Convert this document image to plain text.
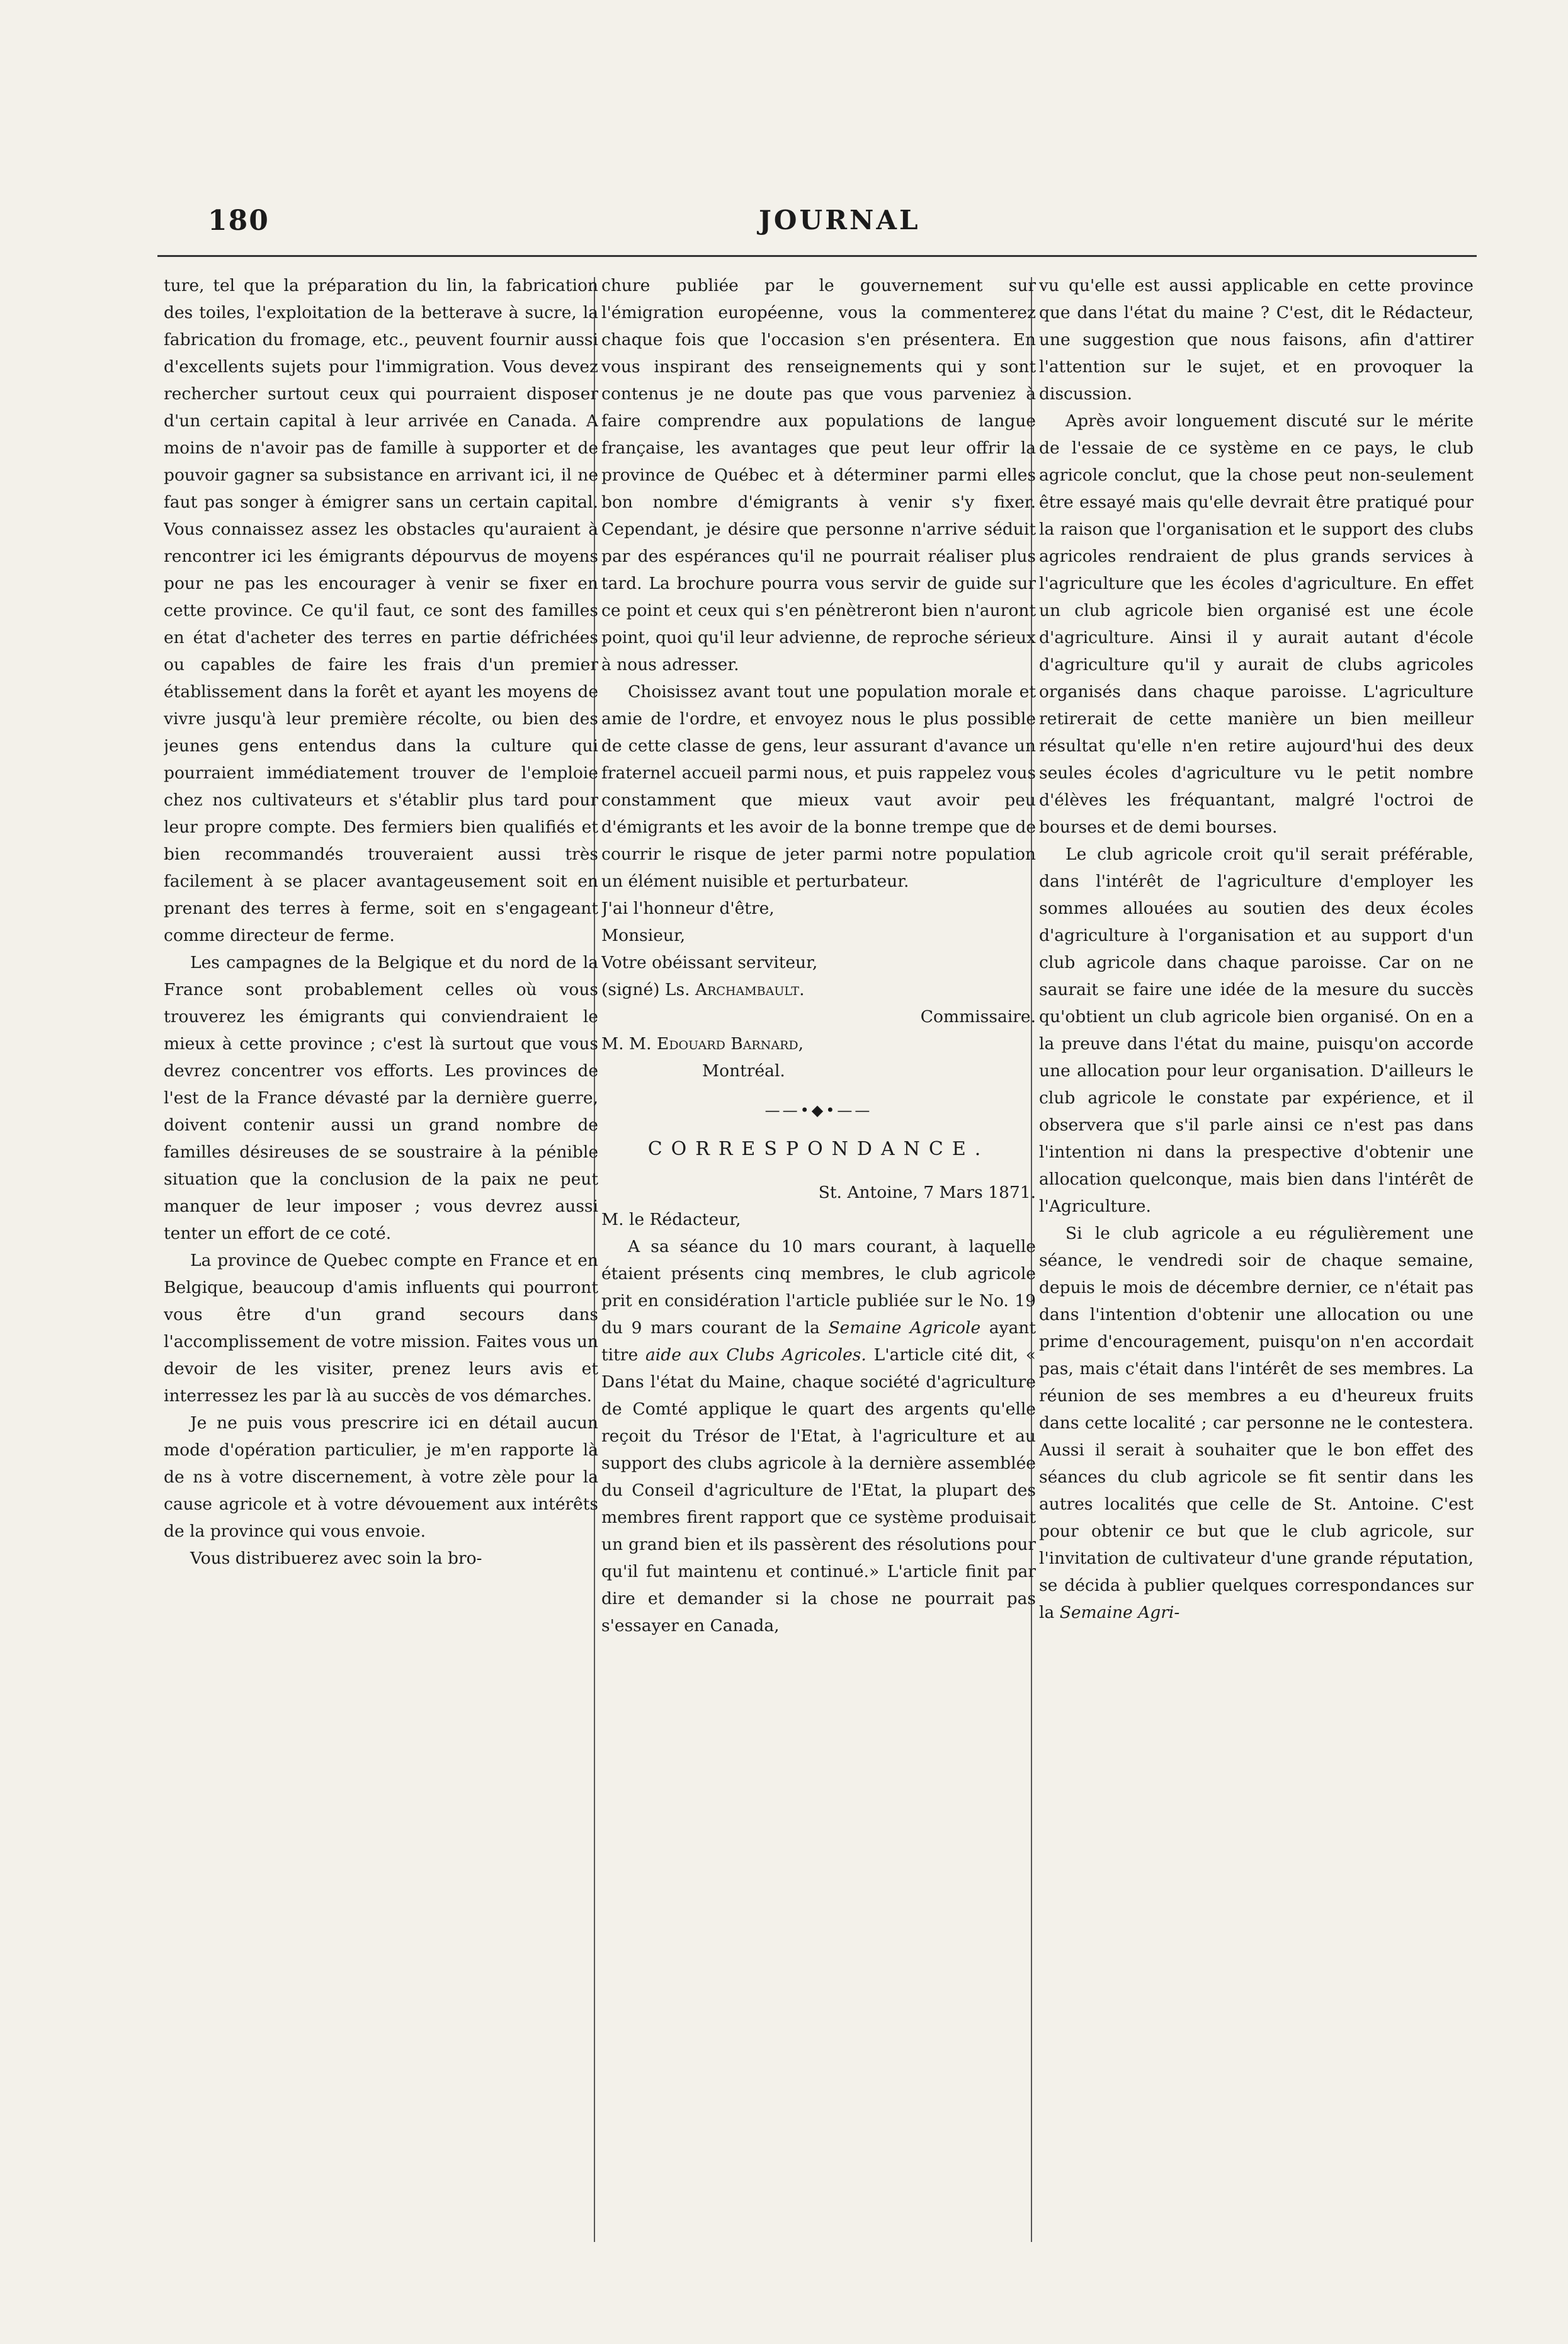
180	JOURNAL

ture, tel que la préparation du lin, la fabrication des toiles, l'exploitation de la betterave à sucre, la fabrication du fromage, etc., peuvent fournir aussi d'excellents sujets pour l'immigration. Vous devez rechercher surtout ceux qui pourraient disposer d'un certain capital à leur arrivée en Canada. A moins de n'avoir pas de famille à supporter et de pouvoir gagner sa subsistance en arrivant ici, il ne faut pas songer à émigrer sans un certain capital. Vous connaissez assez les obstacles qu'auraient à rencontrer ici les émigrants dépourvus de moyens pour ne pas les encourager à venir se fixer en cette province. Ce qu'il faut, ce sont des familles en état d'acheter des terres en partie défrichées ou capables de faire les frais d'un premier établissement dans la forêt et ayant les moyens de vivre jusqu'à leur première récolte, ou bien des jeunes gens entendus dans la culture qui pourraient immédiatement trouver de l'emploie chez nos cultivateurs et s'établir plus tard pour leur propre compte. Des fermiers bien qualifiés et bien recommandés trouveraient aussi très facilement à se placer avantageusement soit en prenant des terres à ferme, soit en s'engageant comme directeur de ferme.

Les campagnes de la Belgique et du nord de la France sont probablement celles où vous trouverez les émigrants qui conviendraient le mieux à cette province ; c'est là surtout que vous devrez concentrer vos efforts. Les provinces de l'est de la France dévasté par la dernière guerre, doivent contenir aussi un grand nombre de familles désireuses de se soustraire à la pénible situation que la conclusion de la paix ne peut manquer de leur imposer ; vous devrez aussi tenter un effort de ce coté.

La province de Quebec compte en France et en Belgique, beaucoup d'amis influents qui pourront vous être d'un grand secours dans l'accomplissement de votre mission. Faites vous un devoir de les visiter, prenez leurs avis et interressez les par là au succès de vos démarches.

Je ne puis vous prescrire ici en détail aucun mode d'opération particulier, je m'en rapporte là de ns à votre discernement, à votre zèle pour la cause agricole et à votre dévouement aux intérêts de la province qui vous envoie.

Vous distribuerez avec soin la bro-

chure publiée par le gouvernement sur l'émigration européenne, vous la commenterez chaque fois que l'occasion s'en présentera. En vous inspirant des renseignements qui y sont contenus je ne doute pas que vous parveniez à faire comprendre aux populations de langue française, les avantages que peut leur offrir la province de Québec et à déterminer parmi elles bon nombre d'émigrants à venir s'y fixer. Cependant, je désire que personne n'arrive séduit par des espérances qu'il ne pourrait réaliser plus tard. La brochure pourra vous servir de guide sur ce point et ceux qui s'en pénètreront bien n'auront point, quoi qu'il leur advienne, de reproche sérieux à nous adresser.

Choisissez avant tout une population morale et amie de l'ordre, et envoyez nous le plus possible de cette classe de gens, leur assurant d'avance un fraternel accueil parmi nous, et puis rappelez vous constamment que mieux vaut avoir peu d'émigrants et les avoir de la bonne trempe que de courrir le risque de jeter parmi notre population un élément nuisible et perturbateur.

J'ai l'honneur d'être,

Monsieur,

Votre obéissant serviteur,

(signé) Ls. Archambault.

Commissaire.

M. M. Edouard Barnard,

Montréal.

——•◆•——
CORRESPONDANCE.

St. Antoine, 7 Mars 1871.

M. le Rédacteur,

A sa séance du 10 mars courant, à laquelle étaient présents cinq membres, le club agricole prit en considération l'article publiée sur le No. 19 du 9 mars courant de la Semaine Agricole ayant titre aide aux Clubs Agricoles. L'article cité dit, « Dans l'état du Maine, chaque société d'agriculture de Comté applique le quart des argents qu'elle reçoit du Trésor de l'Etat, à l'agriculture et au support des clubs agricole à la dernière assemblée du Conseil d'agriculture de l'Etat, la plupart des membres firent rapport que ce système produisait un grand bien et ils passèrent des résolutions pour qu'il fut maintenu et continué.» L'article finit par dire et demander si la chose ne pourrait pas s'essayer en Canada,

vu qu'elle est aussi applicable en cette province que dans l'état du maine ? C'est, dit le Rédacteur, une suggestion que nous faisons, afin d'attirer l'attention sur le sujet, et en provoquer la discussion.

Après avoir longuement discuté sur le mérite de l'essaie de ce système en ce pays, le club agricole conclut, que la chose peut non-seulement être essayé mais qu'elle devrait être pratiqué pour la raison que l'organisation et le support des clubs agricoles rendraient de plus grands services à l'agriculture que les écoles d'agriculture. En effet un club agricole bien organisé est une école d'agriculture. Ainsi il y aurait autant d'école d'agriculture qu'il y aurait de clubs agricoles organisés dans chaque paroisse. L'agriculture retirerait de cette manière un bien meilleur résultat qu'elle n'en retire aujourd'hui des deux seules écoles d'agriculture vu le petit nombre d'élèves les fréquantant, malgré l'octroi de bourses et de demi bourses.

Le club agricole croit qu'il serait préférable, dans l'intérêt de l'agriculture d'employer les sommes allouées au soutien des deux écoles d'agriculture à l'organisation et au support d'un club agricole dans chaque paroisse. Car on ne saurait se faire une idée de la mesure du succès qu'obtient un club agricole bien organisé. On en a la preuve dans l'état du maine, puisqu'on accorde une allocation pour leur organisation. D'ailleurs le club agricole le constate par expérience, et il observera que s'il parle ainsi ce n'est pas dans l'intention ni dans la prespective d'obtenir une allocation quelconque, mais bien dans l'intérêt de l'Agriculture.

Si le club agricole a eu régulièrement une séance, le vendredi soir de chaque semaine, depuis le mois de décembre dernier, ce n'était pas dans l'intention d'obtenir une allocation ou une prime d'encouragement, puisqu'on n'en accordait pas, mais c'était dans l'intérêt de ses membres. La réunion de ses membres a eu d'heureux fruits dans cette localité ; car personne ne le contestera. Aussi il serait à souhaiter que le bon effet des séances du club agricole se fit sentir dans les autres localités que celle de St. Antoine. C'est pour obtenir ce but que le club agricole, sur l'invitation de cultivateur d'une grande réputation, se décida à publier quelques correspondances sur la Semaine Agri-
